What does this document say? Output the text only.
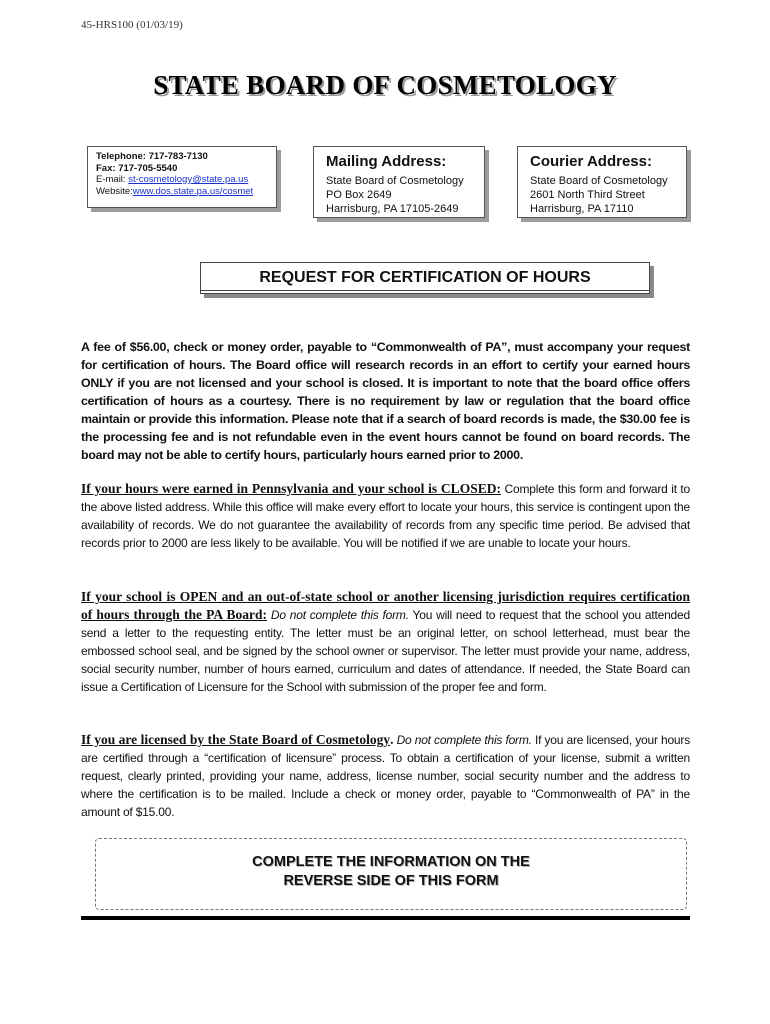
45-HRS100 (01/03/19)
STATE BOARD OF COSMETOLOGY
Telephone: 717-783-7130
Fax: 717-705-5540
E-mail: st-cosmetology@state.pa.us
Website:www.dos.state.pa.us/cosmet
Mailing Address:
State Board of Cosmetology
PO Box 2649
Harrisburg, PA 17105-2649
Courier Address:
State Board of Cosmetology
2601 North Third Street
Harrisburg, PA 17110
REQUEST FOR CERTIFICATION OF HOURS
A fee of $56.00, check or money order, payable to “Commonwealth of PA”, must accompany your request for certification of hours. The Board office will research records in an effort to certify your earned hours ONLY if you are not licensed and your school is closed. It is important to note that the board office offers certification of hours as a courtesy. There is no requirement by law or regulation that the board office maintain or provide this information. Please note that if a search of board records is made, the $30.00 fee is the processing fee and is not refundable even in the event hours cannot be found on board records. The board may not be able to certify hours, particularly hours earned prior to 2000.
If your hours were earned in Pennsylvania and your school is CLOSED: Complete this form and forward it to the above listed address. While this office will make every effort to locate your hours, this service is contingent upon the availability of records. We do not guarantee the availability of records from any specific time period. Be advised that records prior to 2000 are less likely to be available. You will be notified if we are unable to locate your hours.
If your school is OPEN and an out-of-state school or another licensing jurisdiction requires certification of hours through the PA Board: Do not complete this form. You will need to request that the school you attended send a letter to the requesting entity. The letter must be an original letter, on school letterhead, must bear the embossed school seal, and be signed by the school owner or supervisor. The letter must provide your name, address, social security number, number of hours earned, curriculum and dates of attendance. If needed, the State Board can issue a Certification of Licensure for the School with submission of the proper fee and form.
If you are licensed by the State Board of Cosmetology. Do not complete this form. If you are licensed, your hours are certified through a “certification of licensure” process. To obtain a certification of your license, submit a written request, clearly printed, providing your name, address, license number, social security number and the address to where the certification is to be mailed. Include a check or money order, payable to “Commonwealth of PA” in the amount of $15.00.
COMPLETE THE INFORMATION ON THE
REVERSE SIDE OF THIS FORM
